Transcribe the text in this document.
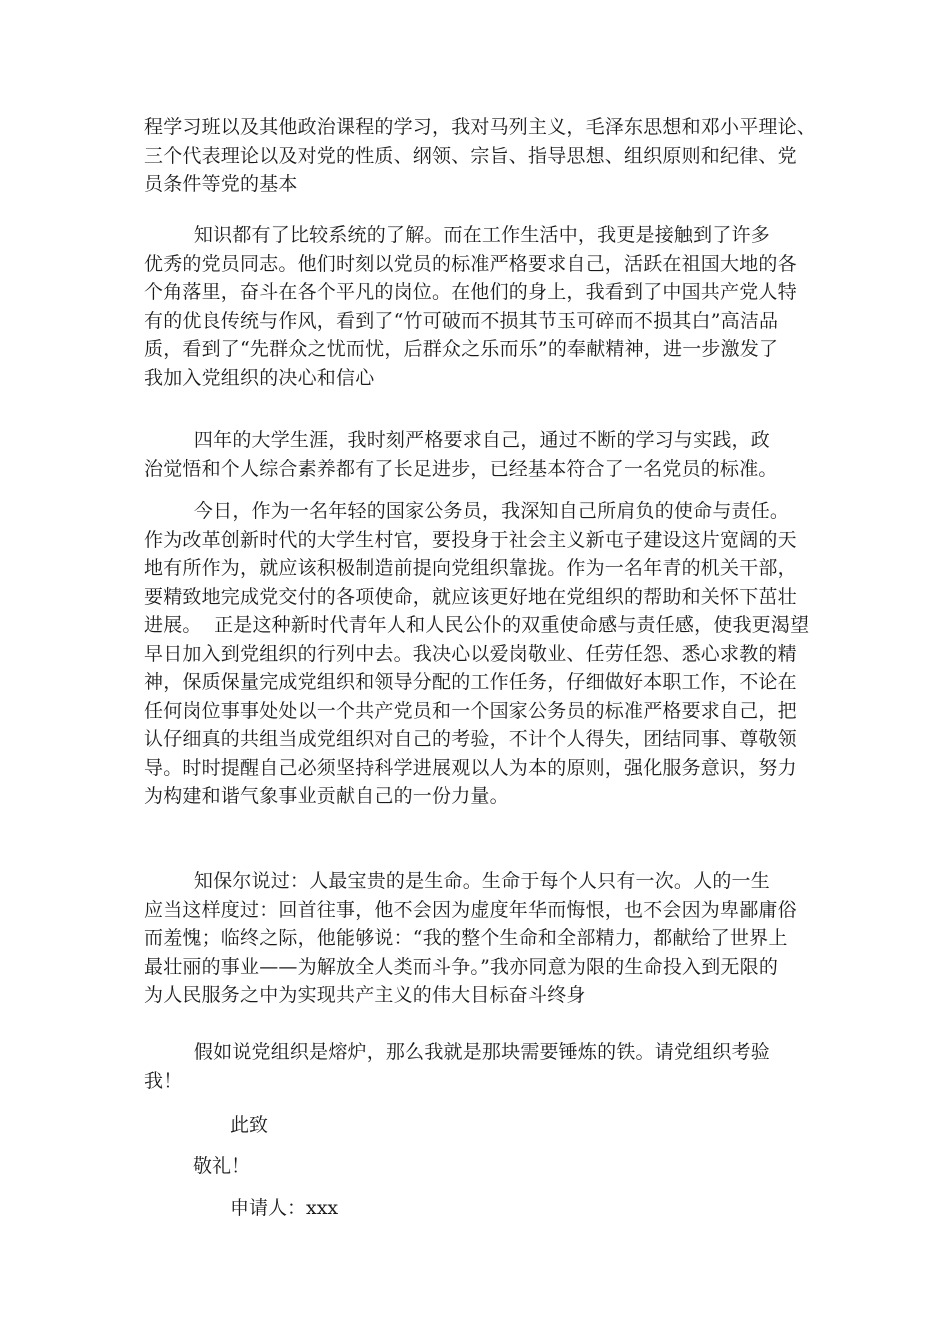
程学习班以及其他政治课程的学习，我对马列主义，毛泽东思想和邓小平理论、
三个代表理论以及对党的性质、纲领、宗旨、指导思想、组织原则和纪律、党
员条件等党的基本

知识都有了比较系统的了解。而在工作生活中，我更是接触到了许多
优秀的党员同志。他们时刻以党员的标准严格要求自己，活跃在祖国大地的各
个角落里，奋斗在各个平凡的岗位。在他们的身上，我看到了中国共产党人特
有的优良传统与作风，看到了“竹可破而不损其节玉可碎而不损其白”高洁品
质，看到了“先群众之忧而忧，后群众之乐而乐”的奉献精神，进一步激发了
我加入党组织的决心和信心

四年的大学生涯，我时刻严格要求自己，通过不断的学习与实践，政
治觉悟和个人综合素养都有了长足进步，已经基本符合了一名党员的标准。

今日，作为一名年轻的国家公务员，我深知自己所肩负的使命与责任。
作为改革创新时代的大学生村官，要投身于社会主义新屯子建设这片宽阔的天
地有所作为，就应该积极制造前提向党组织靠拢。作为一名年青的机关干部，
要精致地完成党交付的各项使命，就应该更好地在党组织的帮助和关怀下茁壮
进展。  正是这种新时代青年人和人民公仆的双重使命感与责任感，使我更渴望
早日加入到党组织的行列中去。我决心以爱岗敬业、任劳任怨、悉心求教的精
神，保质保量完成党组织和领导分配的工作任务，仔细做好本职工作，不论在
任何岗位事事处处以一个共产党员和一个国家公务员的标准严格要求自己，把
认仔细真的共组当成党组织对自己的考验，不计个人得失，团结同事、尊敬领
导。时时提醒自己必须坚持科学进展观以人为本的原则，强化服务意识，努力
为构建和谐气象事业贡献自己的一份力量。

知保尔说过：人最宝贵的是生命。生命于每个人只有一次。人的一生
应当这样度过：回首往事，他不会因为虚度年华而悔恨，也不会因为卑鄙庸俗
而羞愧；临终之际，他能够说：“我的整个生命和全部精力，都献给了世界上
最壮丽的事业——为解放全人类而斗争。”我亦同意为限的生命投入到无限的
为人民服务之中为实现共产主义的伟大目标奋斗终身

假如说党组织是熔炉，那么我就是那块需要锤炼的铁。请党组织考验
我！

此致
敬礼！
申请人：xxx
